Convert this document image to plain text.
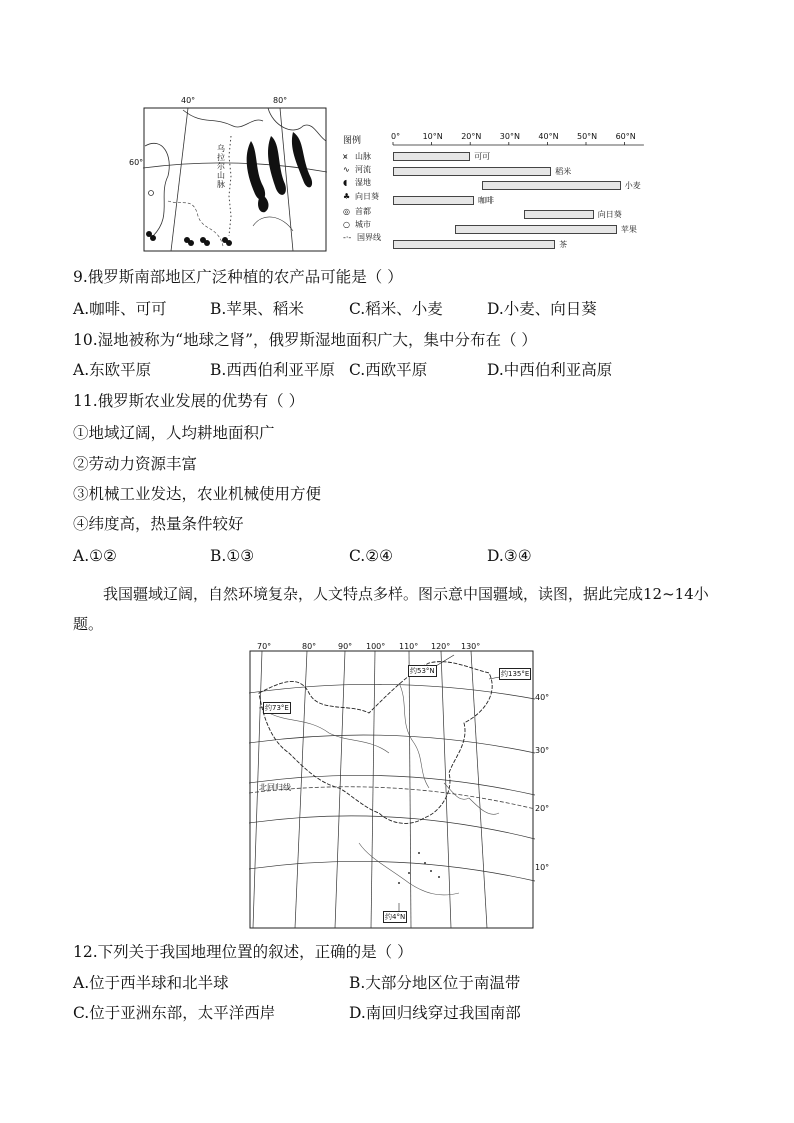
40°	80°
60°
乌拉尔山脉
图例
⩙ 山脉
∿ 河流
◖ 湿地
♣ 向日葵
◎ 首都
○ 城市
-·- 国界线
0°	10°N 20°N 30°N 40°N 50°N 60°N
可可
稻米
小麦
咖啡
向日葵
苹果
茶
9.俄罗斯南部地区广泛种植的农产品可能是（ ）
A.咖啡、可可	B.苹果、稻米	C.稻米、小麦	D.小麦、向日葵
10.湿地被称为“地球之肾”，俄罗斯湿地面积广大，集中分布在（ ）
A.东欧平原	B.西西伯利亚平原 C.西欧平原	D.中西伯利亚高原
11.俄罗斯农业发展的优势有（ ）
①地域辽阔，人均耕地面积广
②劳动力资源丰富
③机械工业发达，农业机械使用方便
④纬度高，热量条件较好
A.①②	B.①③	C.②④	D.③④
我国疆域辽阔，自然环境复杂，人文特点多样。图示意中国疆域，读图，据此完成12~14小题。
70°	80°	90° 100° 110° 120° 130°
40°
30°
20°
10°
约53°N	约135°E
约73°E
约4°N
北回归线
12.下列关于我国地理位置的叙述，正确的是（ ）
A.位于西半球和北半球	B.大部分地区位于南温带
C.位于亚洲东部，太平洋西岸	D.南回归线穿过我国南部
